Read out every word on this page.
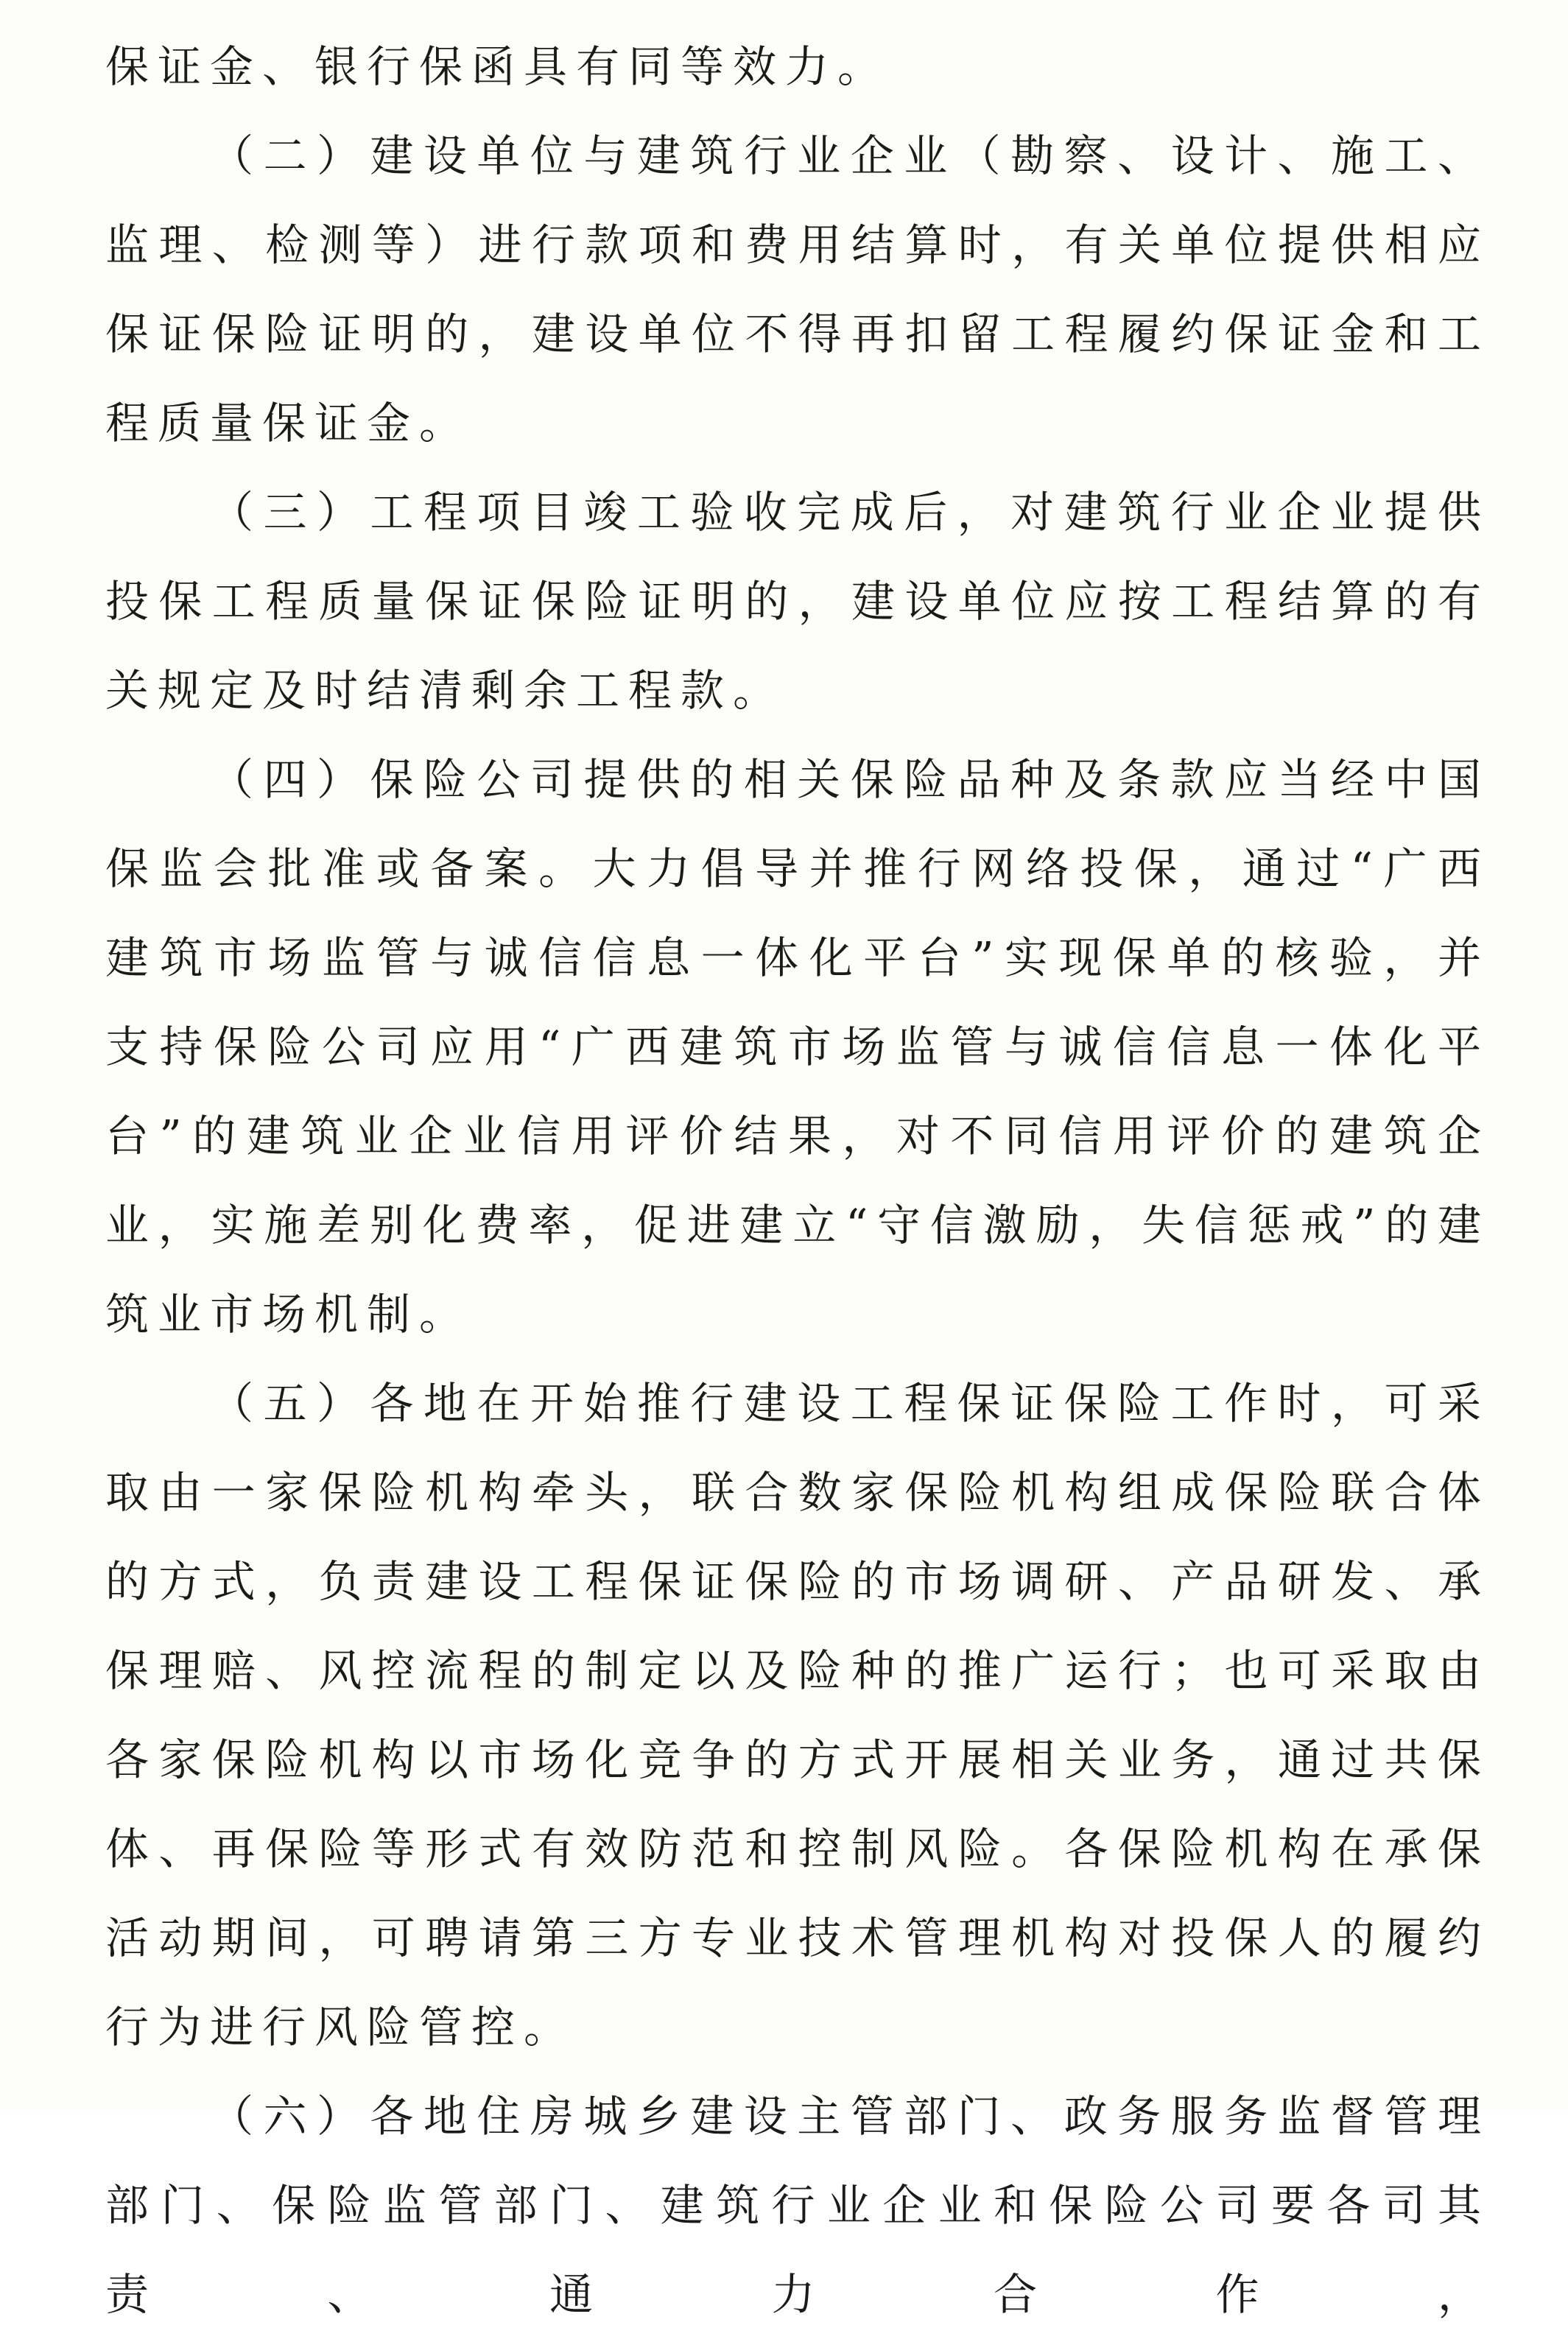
保证金、银行保函具有同等效力。

（二）建设单位与建筑行业企业（勘察、设计、施工、监理、检测等）进行款项和费用结算时，有关单位提供相应保证保险证明的，建设单位不得再扣留工程履约保证金和工程质量保证金。

（三）工程项目竣工验收完成后，对建筑行业企业提供投保工程质量保证保险证明的，建设单位应按工程结算的有关规定及时结清剩余工程款。

（四）保险公司提供的相关保险品种及条款应当经中国保监会批准或备案。大力倡导并推行网络投保，通过“广西建筑市场监管与诚信信息一体化平台”实现保单的核验，并支持保险公司应用“广西建筑市场监管与诚信信息一体化平台”的建筑业企业信用评价结果，对不同信用评价的建筑企业，实施差别化费率，促进建立“守信激励，失信惩戒”的建筑业市场机制。

（五）各地在开始推行建设工程保证保险工作时，可采取由一家保险机构牵头，联合数家保险机构组成保险联合体的方式，负责建设工程保证保险的市场调研、产品研发、承保理赔、风控流程的制定以及险种的推广运行；也可采取由各家保险机构以市场化竞争的方式开展相关业务，通过共保体、再保险等形式有效防范和控制风险。各保险机构在承保活动期间，可聘请第三方专业技术管理机构对投保人的履约行为进行风险管控。

（六）各地住房城乡建设主管部门、政务服务监督管理部门、保险监管部门、建筑行业企业和保险公司要各司其责、通力合作，
